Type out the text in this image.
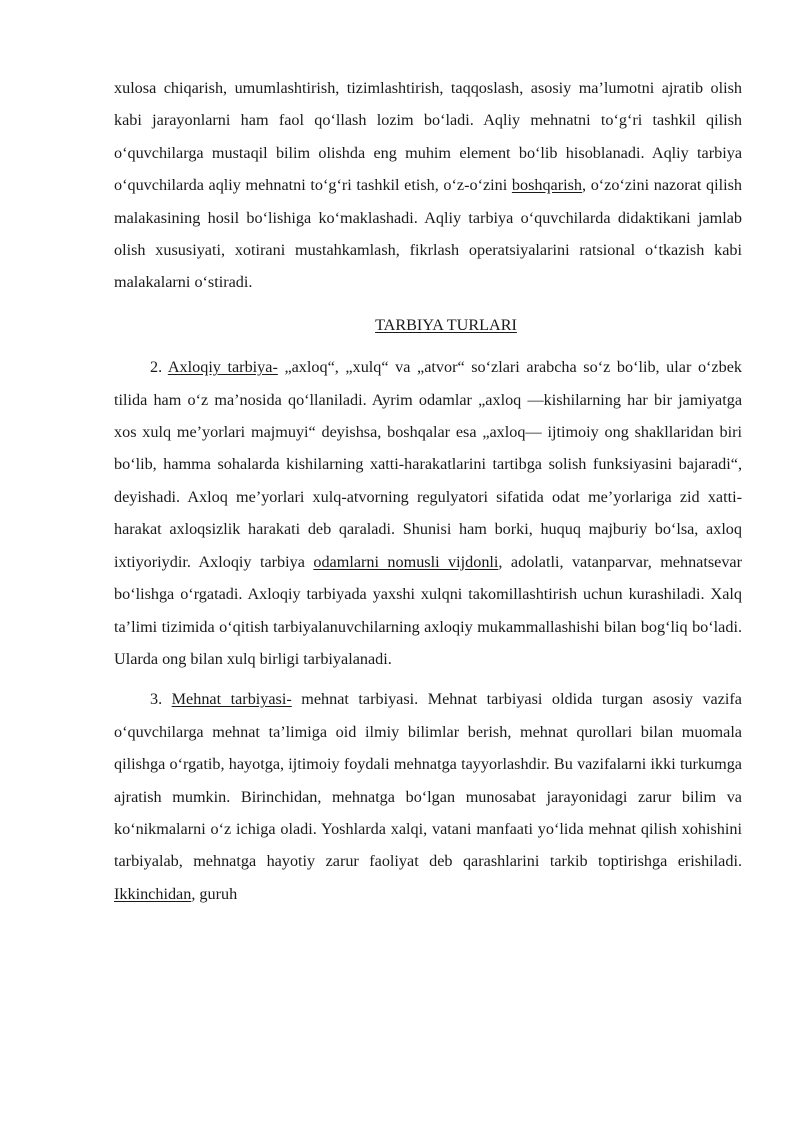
xulosa chiqarish, umumlashtirish, tizimlashtirish, taqqoslash, asosiy ma’lumotni ajratib olish kabi jarayonlarni ham faol qo‘llash lozim bo‘ladi. Aqliy mehnatni to‘g‘ri tashkil qilish o‘quvchilarga mustaqil bilim olishda eng muhim element bo‘lib hisoblanadi. Aqliy tarbiya o‘quvchilarda aqliy mehnatni to‘g‘ri tashkil etish, o‘z-o‘zini boshqarish, o‘zo‘zini nazorat qilish malakasining hosil bo‘lishiga ko‘maklashadi. Aqliy tarbiya o‘quvchilarda didaktikani jamlab olish xususiyati, xotirani mustahkamlash, fikrlash operatsiyalarini ratsional o‘tkazish kabi malakalarni o‘stiradi.

TARBIYA TURLARI

2. Axloqiy tarbiya- „axloq“, „xulq“ va „atvor“ so‘zlari arabcha so‘z bo‘lib, ular o‘zbek tilida ham o‘z ma’nosida qo‘llaniladi. Ayrim odamlar „axloq —kishilarning har bir jamiyatga xos xulq me’yorlari majmuyi“ deyishsa, boshqalar esa „axloq— ijtimoiy ong shakllaridan biri bo‘lib, hamma sohalarda kishilarning xatti-harakatlarini tartibga solish funksiyasini bajaradi“, deyishadi. Axloq me’yorlari xulq-atvorning regulyatori sifatida odat me’yorlariga zid xatti-harakat axloqsizlik harakati deb qaraladi. Shunisi ham borki, huquq majburiy bo‘lsa, axloq ixtiyoriydir. Axloqiy tarbiya odamlarni nomusli vijdonli, adolatli, vatanparvar, mehnatsevar bo‘lishga o‘rgatadi. Axloqiy tarbiyada yaxshi xulqni takomillashtirish uchun kurashiladi. Xalq ta’limi tizimida o‘qitish tarbiyalanuvchilarning axloqiy mukammallashishi bilan bog‘liq bo‘ladi. Ularda ong bilan xulq birligi tarbiyalanadi.

3. Mehnat tarbiyasi- mehnat tarbiyasi. Mehnat tarbiyasi oldida turgan asosiy vazifa o‘quvchilarga mehnat ta’limiga oid ilmiy bilimlar berish, mehnat qurollari bilan muomala qilishga o‘rgatib, hayotga, ijtimoiy foydali mehnatga tayyorlashdir. Bu vazifalarni ikki turkumga ajratish mumkin. Birinchidan, mehnatga bo‘lgan munosabat jarayonidagi zarur bilim va ko‘nikmalarni o‘z ichiga oladi. Yoshlarda xalqi, vatani manfaati yo‘lida mehnat qilish xohishini tarbiyalab, mehnatga hayotiy zarur faoliyat deb qarashlarini tarkib toptirishga erishiladi. Ikkinchidan, guruh
